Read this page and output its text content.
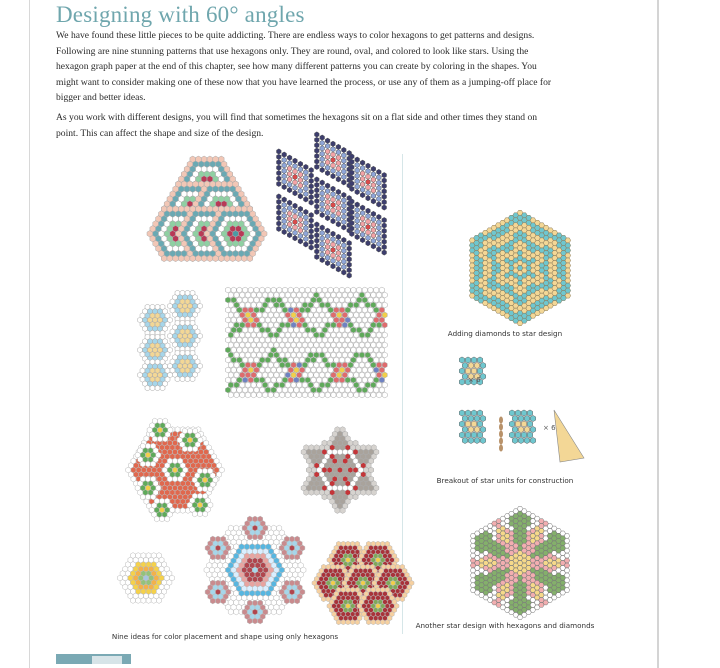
Designing with 60° angles
We have found these little pieces to be quite addicting. There are endless ways to color hexagons to get patterns and designs. Following are nine stunning patterns that use hexagons only. They are round, oval, and colored to look like stars. Using the hexagon graph paper at the end of this chapter, see how many different patterns you can create by coloring in the shapes. You might want to consider making one of these now that you have learned the process, or use any of them as a jumping-off place for bigger and better ideas.
As you work with different designs, you will find that sometimes the hexagons sit on a flat side and other times they stand on point. This can affect the shape and size of the design.
Nine ideas for color placement and shape using only hexagons
Adding diamonds to star design
Breakout of star units for construction
Another star design with hexagons and diamonds
× 6
× 6
